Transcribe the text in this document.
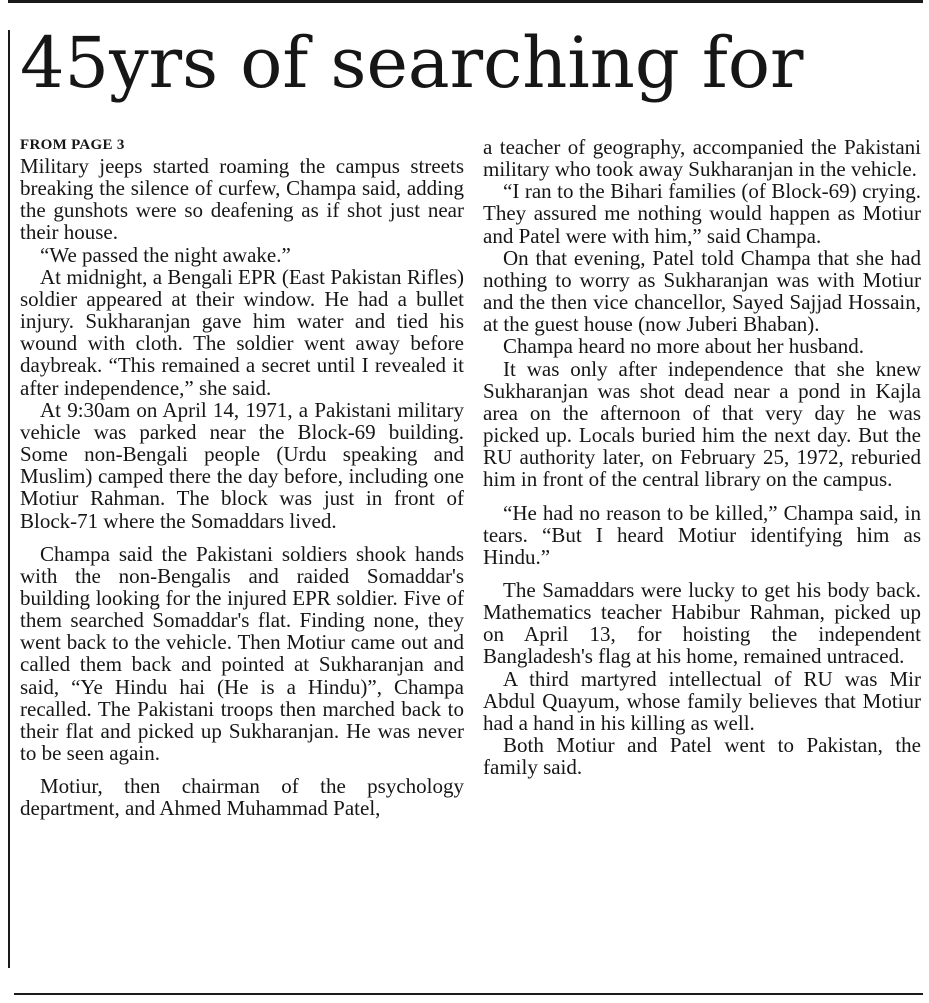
45yrs of searching for
FROM PAGE 3

Military jeeps started roaming the campus streets breaking the silence of curfew, Champa said, adding the gunshots were so deafening as if shot just near their house.

“We passed the night awake.”

At midnight, a Bengali EPR (East Pakistan Rifles) soldier appeared at their window. He had a bullet injury. Sukharanjan gave him water and tied his wound with cloth. The soldier went away before daybreak. “This remained a secret until I revealed it after independence,” she said.

At 9:30am on April 14, 1971, a Pakistani military vehicle was parked near the Block-69 building. Some non-Bengali people (Urdu speaking and Muslim) camped there the day before, including one Motiur Rahman. The block was just in front of Block-71 where the Somaddars lived.

Champa said the Pakistani soldiers shook hands with the non-Bengalis and raided Somaddar's building looking for the injured EPR soldier. Five of them searched Somaddar's flat. Finding none, they went back to the vehicle. Then Motiur came out and called them back and pointed at Sukharanjan and said, “Ye Hindu hai (He is a Hindu)”, Champa recalled. The Pakistani troops then marched back to their flat and picked up Sukharanjan. He was never to be seen again.

Motiur, then chairman of the psychology department, and Ahmed Muhammad Patel,

a teacher of geography, accompanied the Pakistani military who took away Sukharanjan in the vehicle.

“I ran to the Bihari families (of Block-69) crying. They assured me nothing would happen as Motiur and Patel were with him,” said Champa.

On that evening, Patel told Champa that she had nothing to worry as Sukharanjan was with Motiur and the then vice chancellor, Sayed Sajjad Hossain, at the guest house (now Juberi Bhaban).

Champa heard no more about her husband.

It was only after independence that she knew Sukharanjan was shot dead near a pond in Kajla area on the afternoon of that very day he was picked up. Locals buried him the next day. But the RU authority later, on February 25, 1972, reburied him in front of the central library on the campus.

“He had no reason to be killed,” Champa said, in tears. “But I heard Motiur identifying him as Hindu.”

The Samaddars were lucky to get his body back. Mathematics teacher Habibur Rahman, picked up on April 13, for hoisting the independent Bangladesh's flag at his home, remained untraced.

A third martyred intellectual of RU was Mir Abdul Quayum, whose family believes that Motiur had a hand in his killing as well.

Both Motiur and Patel went to Pakistan, the family said.
